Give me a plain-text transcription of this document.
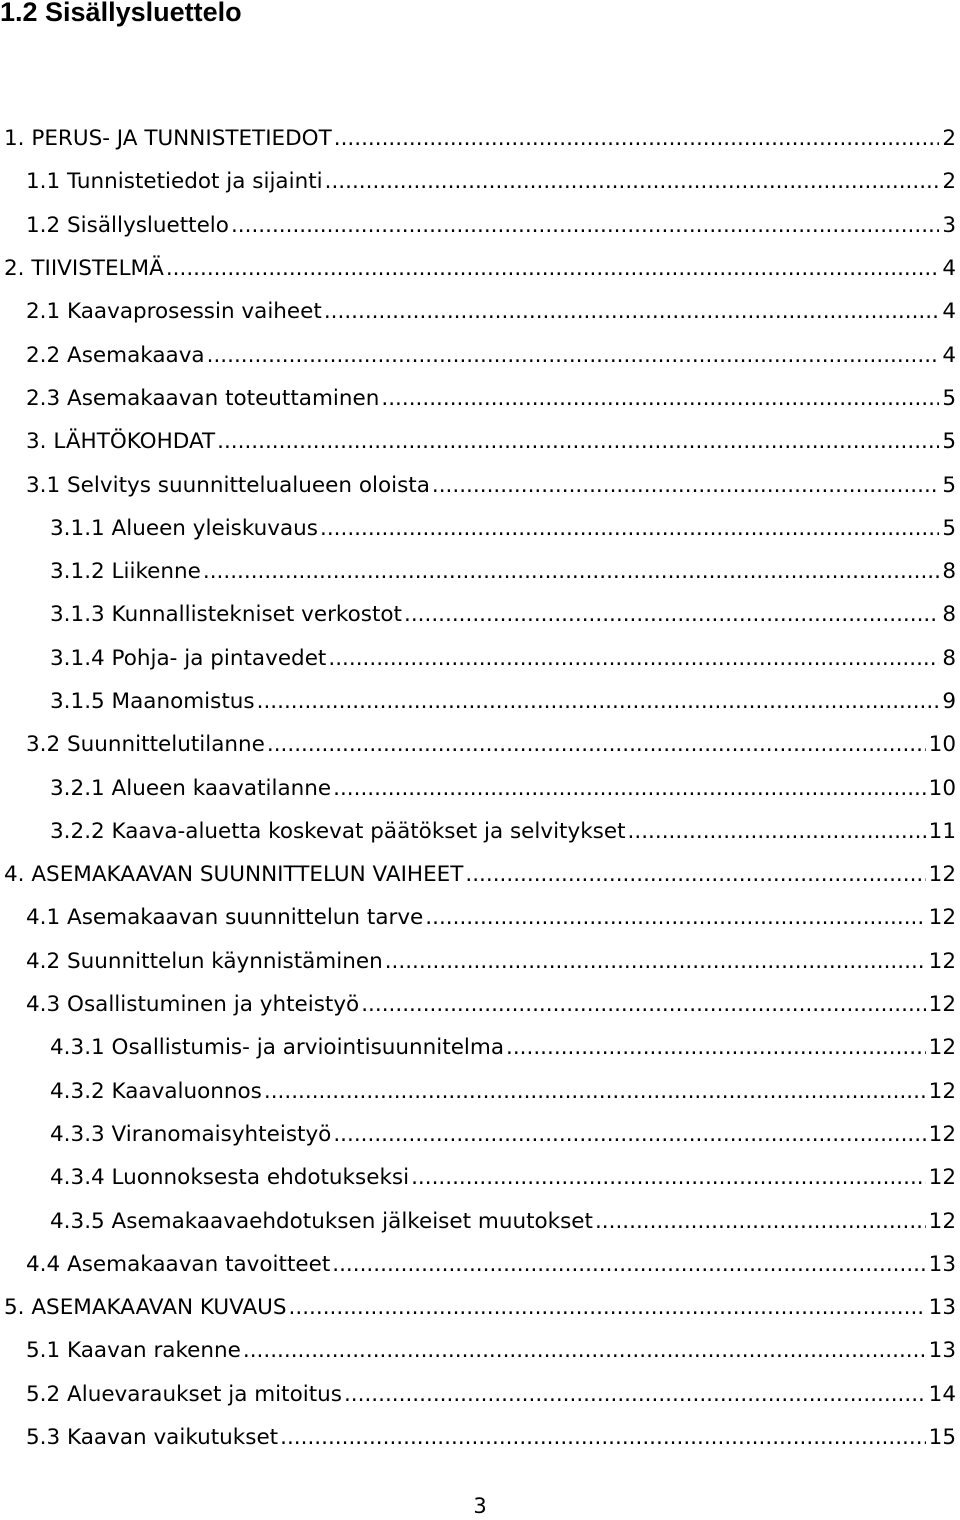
1.2 Sisällysluettelo
1. PERUS- JA TUNNISTETIEDOT .....	2
1.1 Tunnistetiedot ja sijainti .....	2
1.2 Sisällysluettelo .....	3
2. TIIVISTELMÄ .....	4
2.1 Kaavaprosessin vaiheet .....	4
2.2 Asemakaava .....	4
2.3 Asemakaavan toteuttaminen .....	5
3. LÄHTÖKOHDAT .....	5
3.1 Selvitys suunnittelualueen oloista .....	5
3.1.1 Alueen yleiskuvaus .....	5
3.1.2 Liikenne .....	8
3.1.3 Kunnallistekniset verkostot .....	8
3.1.4 Pohja- ja pintavedet .....	8
3.1.5 Maanomistus .....	9
3.2 Suunnittelutilanne .....	10
3.2.1 Alueen kaavatilanne .....	10
3.2.2 Kaava-aluetta koskevat päätökset ja selvitykset .....	11
4. ASEMAKAAVAN SUUNNITTELUN VAIHEET .....	12
4.1 Asemakaavan suunnittelun tarve .....	12
4.2 Suunnittelun käynnistäminen .....	12
4.3 Osallistuminen ja yhteistyö .....	12
4.3.1 Osallistumis- ja arviointisuunnitelma .....	12
4.3.2 Kaavaluonnos .....	12
4.3.3 Viranomaisyhteistyö .....	12
4.3.4 Luonnoksesta ehdotukseksi .....	12
4.3.5 Asemakaavaehdotuksen jälkeiset muutokset .....	12
4.4 Asemakaavan tavoitteet .....	13
5. ASEMAKAAVAN KUVAUS .....	13
5.1 Kaavan rakenne .....	13
5.2 Aluevaraukset ja mitoitus .....	14
5.3 Kaavan vaikutukset .....	15
3
